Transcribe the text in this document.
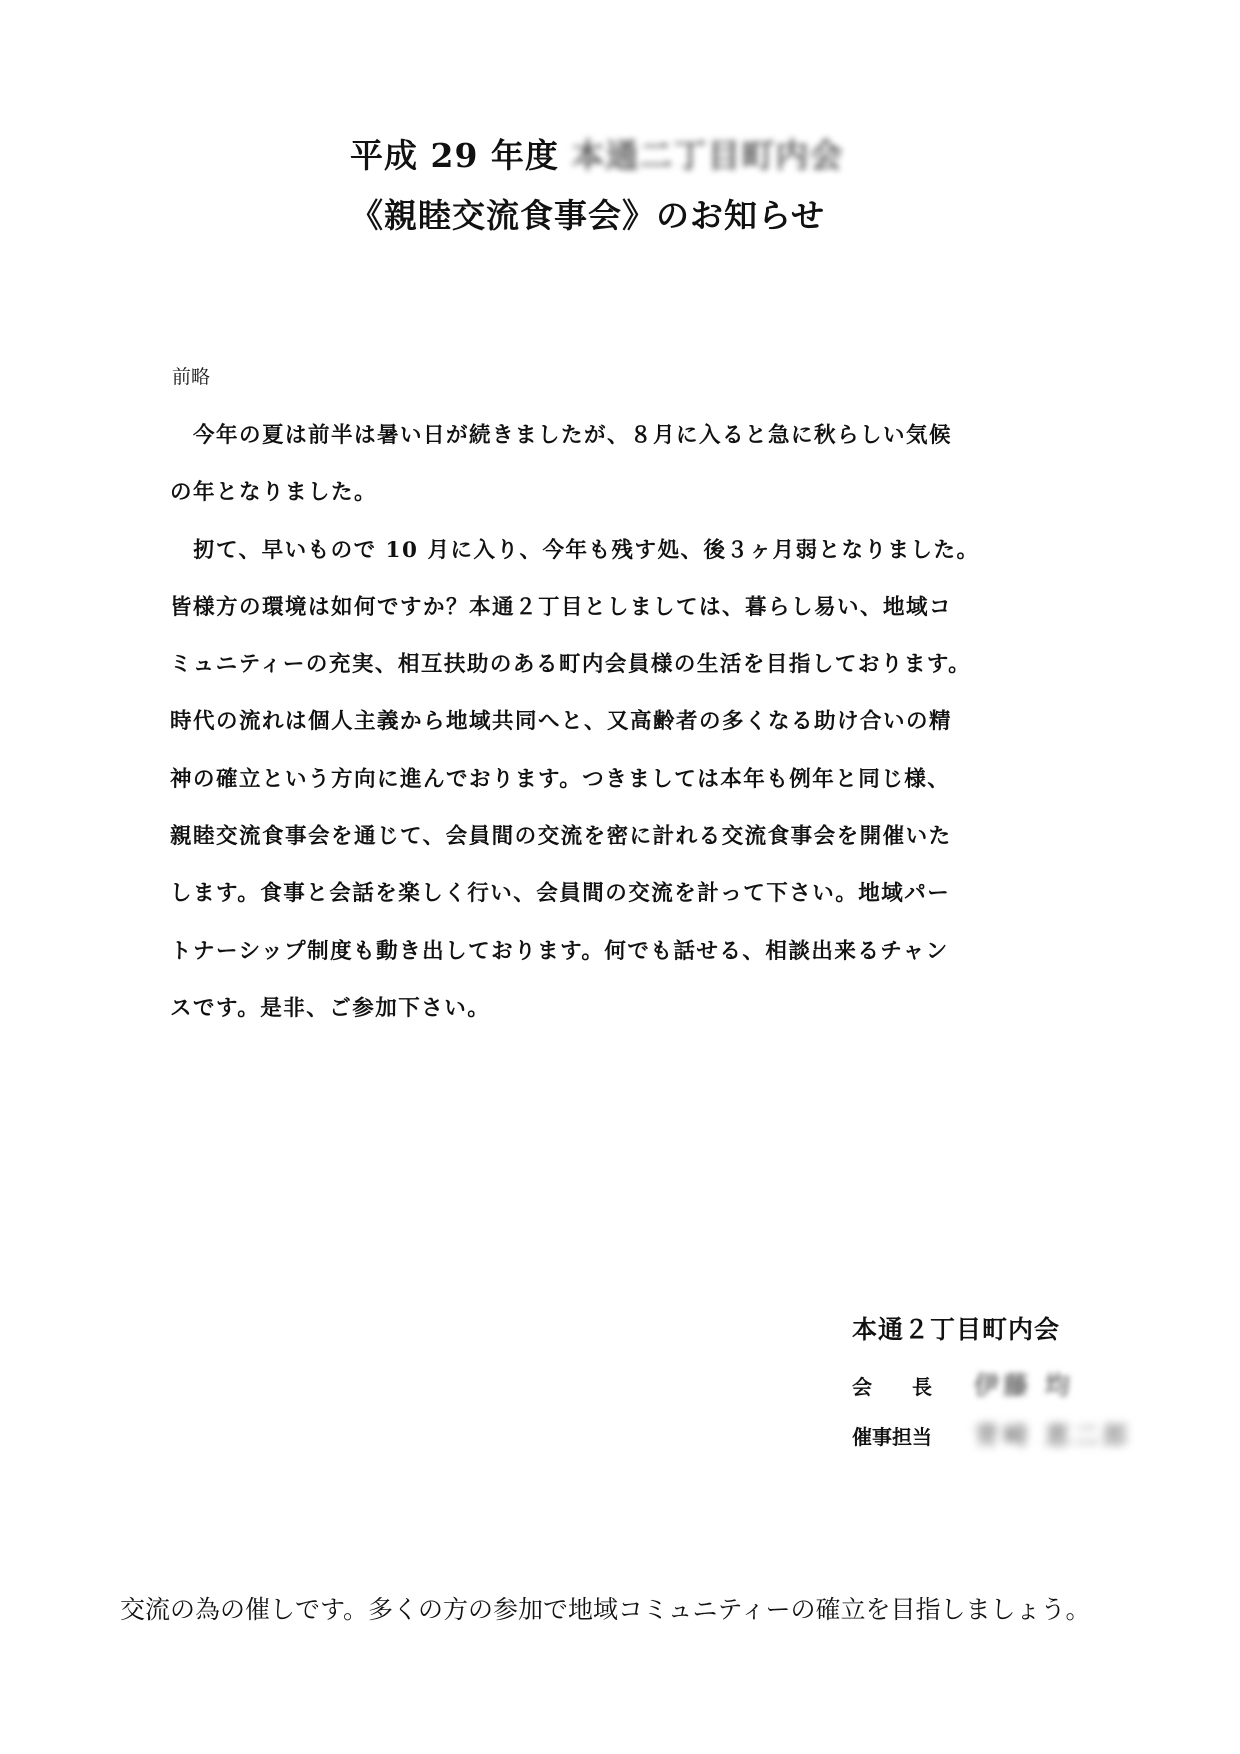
平成 29 年度 本通二丁目町内会
《親睦交流食事会》のお知らせ
前略
　今年の夏は前半は暑い日が続きましたが、８月に入ると急に秋らしい気候
の年となりました。
　扨て、早いもので 10 月に入り、今年も残す処、後３ヶ月弱となりました。
皆様方の環境は如何ですか？本通２丁目としましては、暮らし易い、地域コ
ミュニティーの充実、相互扶助のある町内会員様の生活を目指しております。
時代の流れは個人主義から地域共同へと、又高齢者の多くなる助け合いの精
神の確立という方向に進んでおります。つきましては本年も例年と同じ様、
親睦交流食事会を通じて、会員間の交流を密に計れる交流食事会を開催いた
します。食事と会話を楽しく行い、会員間の交流を計って下さい。地域パー
トナーシップ制度も動き出しております。何でも話せる、相談出来るチャン
スです。是非、ご参加下さい。
本通２丁目町内会
会長 伊藤 均
催事担当	青崎 恵二郎
交流の為の催しです。多くの方の参加で地域コミュニティーの確立を目指しましょう。
